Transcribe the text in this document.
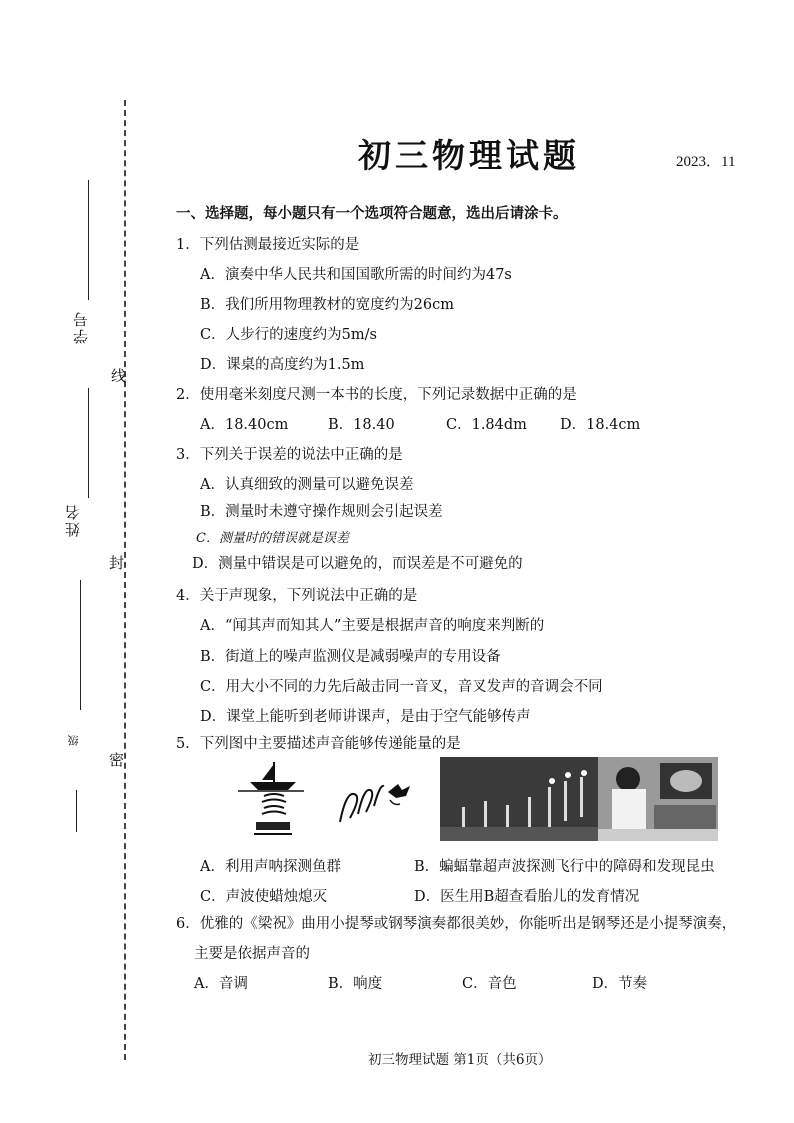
学号
线
姓名
封
级
密
初三物理试题	2023．11
一、选择题，每小题只有一个选项符合题意，选出后请涂卡。
1．下列估测最接近实际的是
A．演奏中华人民共和国国歌所需的时间约为47s
B．我们所用物理教材的宽度约为26cm
C．人步行的速度约为5m/s
D．课桌的高度约为1.5m
2．使用毫米刻度尺测一本书的长度，下列记录数据中正确的是
A．18.40cm	B．18.40	C．1.84dm D．18.4cm
3．下列关于误差的说法中正确的是
A．认真细致的测量可以避免误差
B．测量时未遵守操作规则会引起误差
C．测量时的错误就是误差
D．测量中错误是可以避免的，而误差是不可避免的
4．关于声现象，下列说法中正确的是
A．“闻其声而知其人”主要是根据声音的响度来判断的
B．街道上的噪声监测仪是减弱噪声的专用设备
C．用大小不同的力先后敲击同一音叉，音叉发声的音调会不同
D．课堂上能听到老师讲课声，是由于空气能够传声
5．下列图中主要描述声音能够传递能量的是
A．利用声呐探测鱼群	B．蝙蝠靠超声波探测飞行中的障碍和发现昆虫
C．声波使蜡烛熄灭	D．医生用B超查看胎儿的发育情况
6．优雅的《梁祝》曲用小提琴或钢琴演奏都很美妙，你能听出是钢琴还是小提琴演奏，
主要是依据声音的
A．音调	B．响度	C．音色	D．节奏
初三物理试题 第1页（共6页）
